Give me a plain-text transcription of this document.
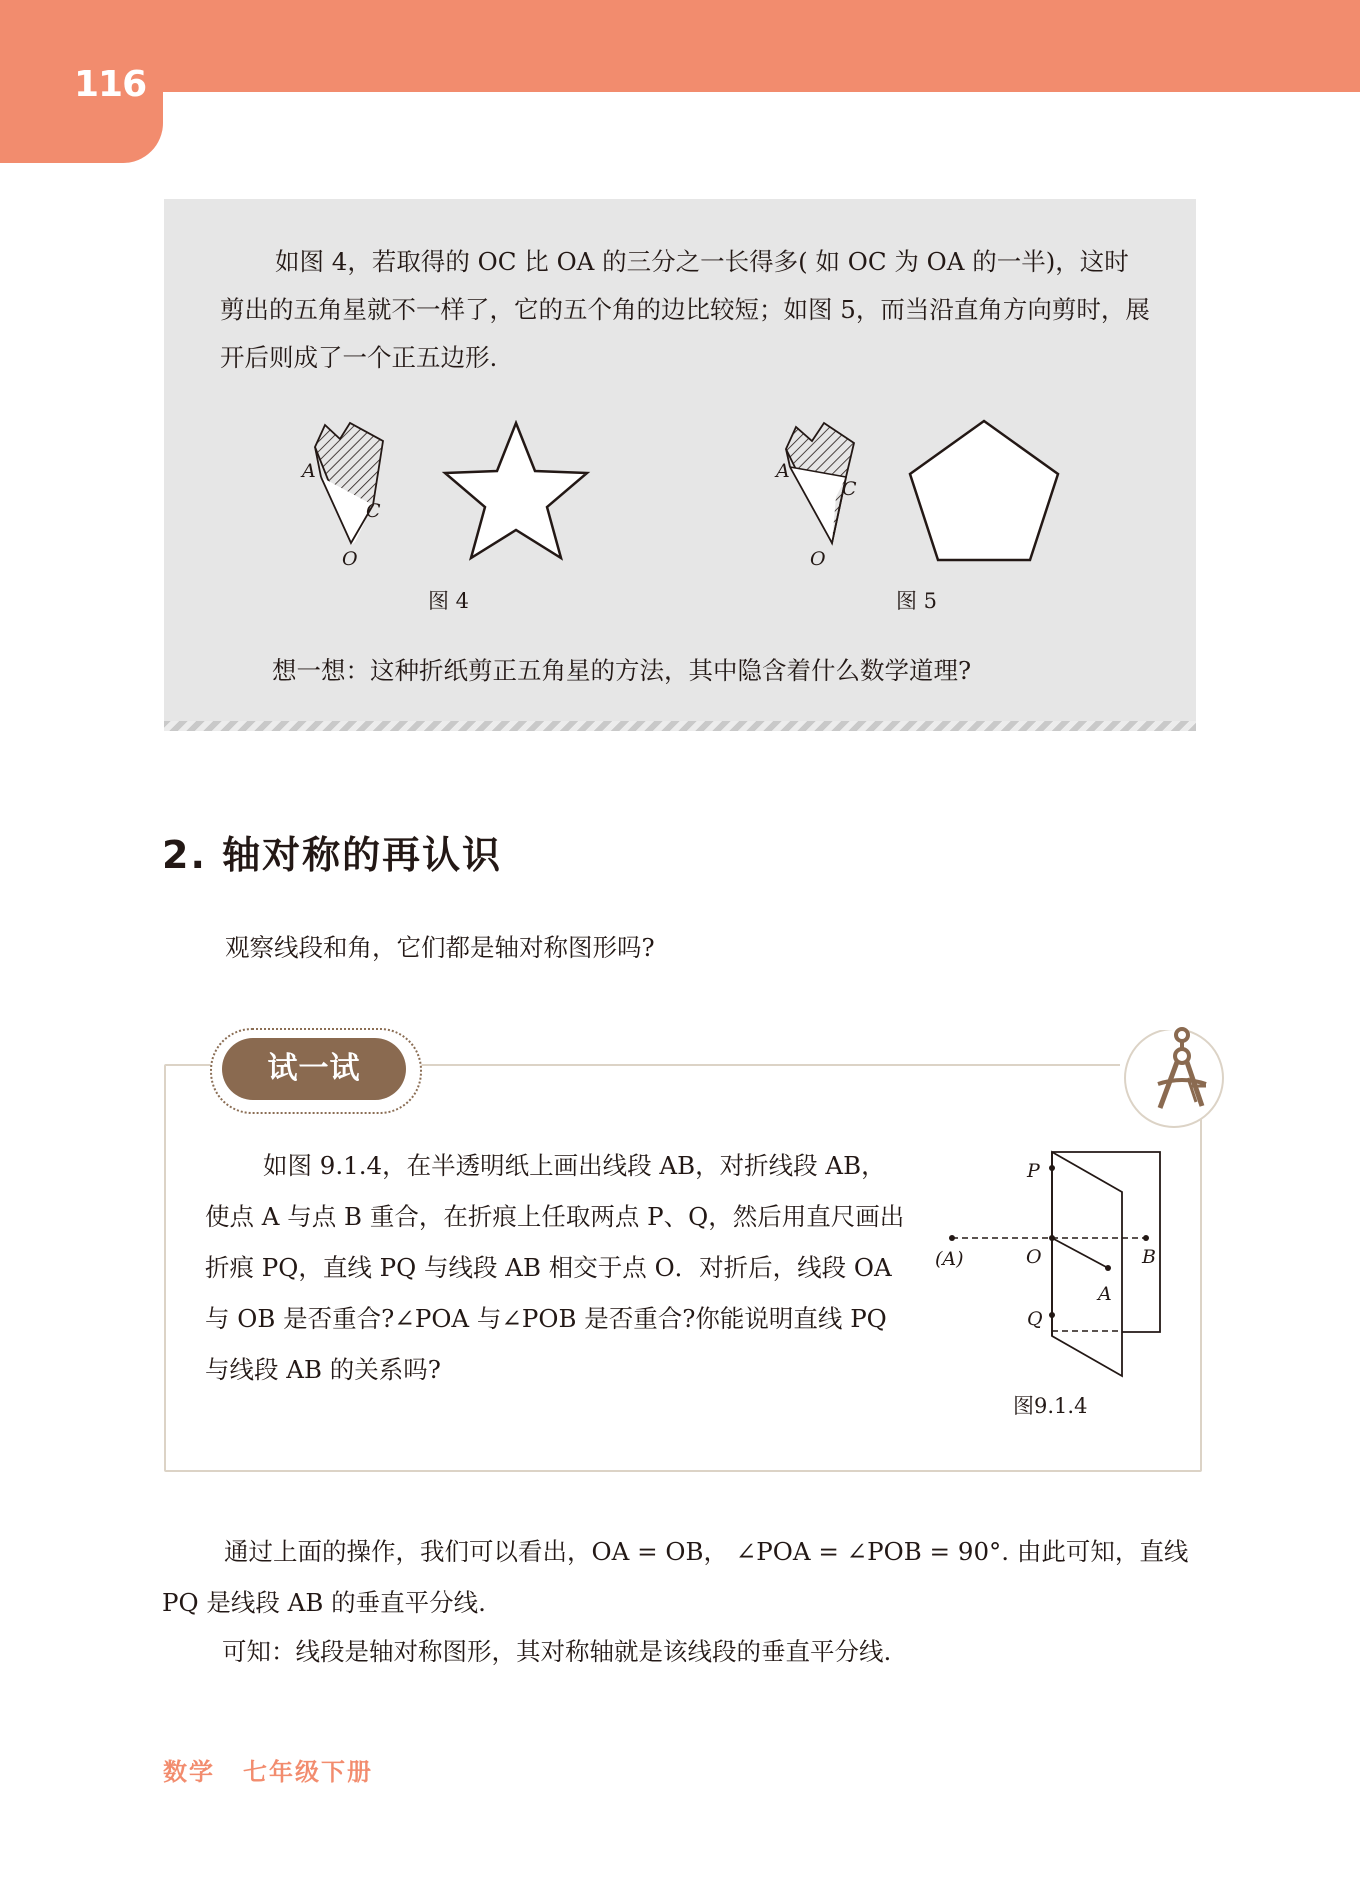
116

如图 4，若取得的 OC 比 OA 的三分之一长得多( 如 OC 为 OA 的一半)，这时剪出的五角星就不一样了，它的五个角的边比较短；如图 5，而当沿直角方向剪时，展开后则成了一个正五边形.

A
C
O
图 4
A
C
O
图 5

想一想：这种折纸剪正五角星的方法，其中隐含着什么数学道理?

2. 轴对称的再认识

观察线段和角，它们都是轴对称图形吗?

试一试

如图 9.1.4，在半透明纸上画出线段 AB，对折线段 AB，使点 A 与点 B 重合，在折痕上任取两点 P、Q，然后用直尺画出折痕 PQ，直线 PQ 与线段 AB 相交于点 O．对折后，线段 OA 与 OB 是否重合?∠POA 与∠POB 是否重合?你能说明直线 PQ 与线段 AB 的关系吗?

P
Q
O	B
A
(A)
图9.1.4

通过上面的操作，我们可以看出，OA = OB， ∠POA = ∠POB = 90°. 由此可知，直线 PQ 是线段 AB 的垂直平分线.

可知：线段是轴对称图形，其对称轴就是该线段的垂直平分线.

数学 七年级下册
